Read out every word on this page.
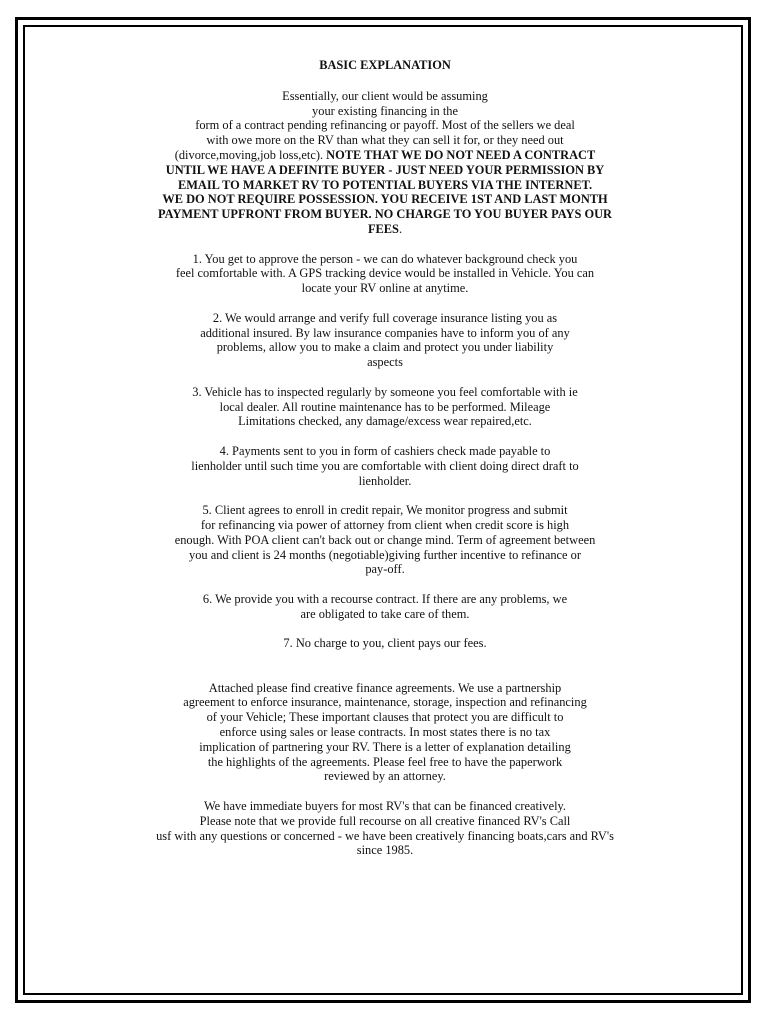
BASIC EXPLANATION
Essentially, our client would be assuming
your existing financing in the
form of a contract pending refinancing or payoff. Most of the sellers we deal
with owe more on the RV than what they can sell it for, or they need out
(divorce,moving,job loss,etc). NOTE THAT WE DO NOT NEED A CONTRACT
UNTIL WE HAVE A DEFINITE BUYER - JUST NEED YOUR PERMISSION BY
EMAIL TO MARKET RV TO POTENTIAL BUYERS VIA THE INTERNET.
WE DO NOT REQUIRE POSSESSION. YOU RECEIVE 1ST AND LAST MONTH
PAYMENT UPFRONT FROM BUYER. NO CHARGE TO YOU BUYER PAYS OUR
FEES.
1. You get to approve the person - we can do whatever background check you
feel comfortable with. A GPS tracking device would be installed in Vehicle. You can
locate your RV online at anytime.
2. We would arrange and verify full coverage insurance listing you as
additional insured. By law insurance companies have to inform you of any
problems, allow you to make a claim and protect you under liability
aspects
3. Vehicle has to inspected regularly by someone you feel comfortable with ie
local dealer. All routine maintenance has to be performed. Mileage
Limitations checked, any damage/excess wear repaired,etc.
4. Payments sent to you in form of cashiers check made payable to
lienholder until such time you are comfortable with client doing direct draft to
lienholder.
5. Client agrees to enroll in credit repair, We monitor progress and submit
for refinancing via power of attorney from client when credit score is high
enough. With POA client can't back out or change mind. Term of agreement between
you and client is 24 months (negotiable)giving further incentive to refinance or
pay-off.
6. We provide you with a recourse contract. If there are any problems, we
are obligated to take care of them.
7. No charge to you, client pays our fees.
Attached please find creative finance agreements. We use a partnership
agreement to enforce insurance, maintenance, storage, inspection and refinancing
of your Vehicle; These important clauses that protect you are difficult to
enforce using sales or lease contracts. In most states there is no tax
implication of partnering your RV. There is a letter of explanation detailing
the highlights of the agreements. Please feel free to have the paperwork
reviewed by an attorney.
We have immediate buyers for most RV's that can be financed creatively.
Please note that we provide full recourse on all creative financed RV's Call
usf with any questions or concerned - we have been creatively financing boats,cars and RV's
since 1985.
